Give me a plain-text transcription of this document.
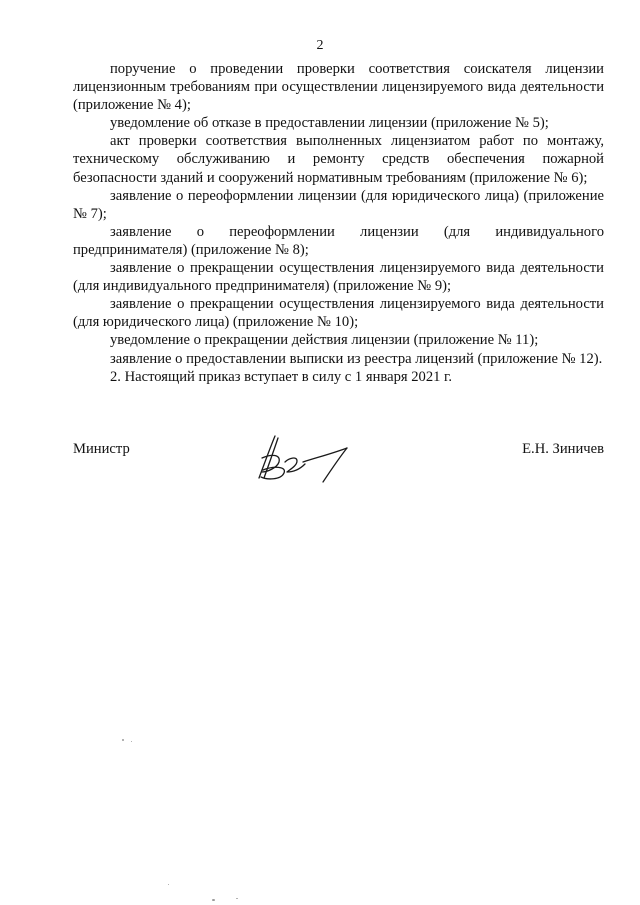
2

поручение о проведении проверки соответствия соискателя лицензии лицензионным требованиям при осуществлении лицензируемого вида деятельности (приложение № 4);

уведомление об отказе в предоставлении лицензии (приложение № 5);

акт проверки соответствия выполненных лицензиатом работ по монтажу, техническому обслуживанию и ремонту средств обеспечения пожарной безопасности зданий и сооружений нормативным требованиям (приложение № 6);

заявление о переоформлении лицензии (для юридического лица) (приложение № 7);

заявление о переоформлении лицензии (для индивидуального предпринимателя) (приложение № 8);

заявление о прекращении осуществления лицензируемого вида деятельности (для индивидуального предпринимателя) (приложение № 9);

заявление о прекращении осуществления лицензируемого вида деятельности (для юридического лица) (приложение № 10);

уведомление о прекращении действия лицензии (приложение № 11);

заявление о предоставлении выписки из реестра лицензий (приложение № 12).

2. Настоящий приказ вступает в силу с 1 января 2021 г.

Министр	Е.Н. Зиничев
